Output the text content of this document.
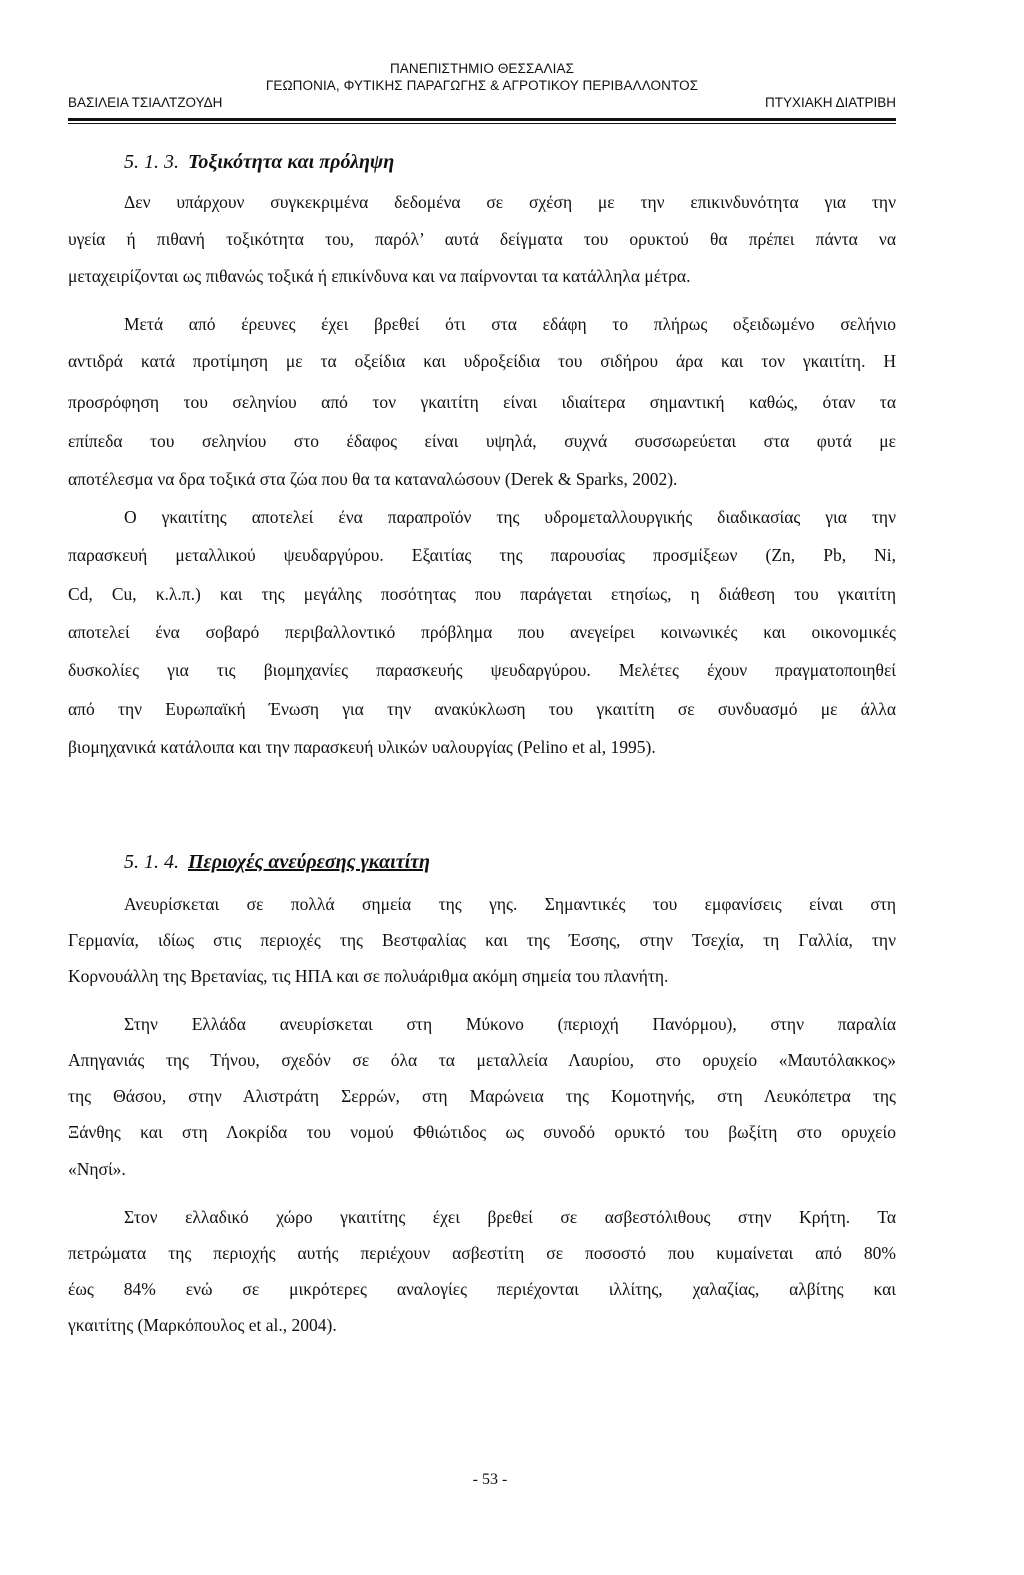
ΠΑΝΕΠΙΣΤΗΜΙΟ ΘΕΣΣΑΛΙΑΣ
ΓΕΩΠΟΝΙΑ, ΦΥΤΙΚΗΣ ΠΑΡΑΓΩΓΗΣ & ΑΓΡΟΤΙΚΟΥ ΠΕΡΙΒΑΛΛΟΝΤΟΣ
ΒΑΣΙΛΕΙΑ ΤΣΙΑΛΤΖΟΥΔΗ	ΠΤΥΧΙΑΚΗ ΔΙΑΤΡΙΒΗ
5. 1. 3. Τοξικότητα και πρόληψη
Δεν υπάρχουν συγκεκριμένα δεδομένα σε σχέση με την επικινδυνότητα για την
υγεία ή πιθανή τοξικότητα του, παρόλ’ αυτά δείγματα του ορυκτού θα πρέπει πάντα να
μεταχειρίζονται ως πιθανώς τοξικά ή επικίνδυνα και να παίρνονται τα κατάλληλα μέτρα.
Μετά από έρευνες έχει βρεθεί ότι στα εδάφη το πλήρως οξειδωμένο σελήνιο
αντιδρά κατά προτίμηση με τα οξείδια και υδροξείδια του σιδήρου άρα και τον γκαιτίτη. Η
προσρόφηση του σεληνίου από τον γκαιτίτη είναι ιδιαίτερα σημαντική καθώς, όταν τα
επίπεδα του σεληνίου στο έδαφος είναι υψηλά, συχνά συσσωρεύεται στα φυτά με
αποτέλεσμα να δρα τοξικά στα ζώα που θα τα καταναλώσουν (Derek & Sparks, 2002).
Ο γκαιτίτης αποτελεί ένα παραπροϊόν της υδρομεταλλουργικής διαδικασίας για την
παρασκευή μεταλλικού ψευδαργύρου. Εξαιτίας της παρουσίας προσμίξεων (Zn, Pb, Ni,
Cd, Cu, κ.λ.π.) και της μεγάλης ποσότητας που παράγεται ετησίως, η διάθεση του γκαιτίτη
αποτελεί ένα σοβαρό περιβαλλοντικό πρόβλημα που ανεγείρει κοινωνικές και οικονομικές
δυσκολίες για τις βιομηχανίες παρασκευής ψευδαργύρου. Μελέτες έχουν πραγματοποιηθεί
από την Ευρωπαϊκή Ένωση για την ανακύκλωση του γκαιτίτη σε συνδυασμό με άλλα
βιομηχανικά κατάλοιπα και την παρασκευή υλικών υαλουργίας (Pelino et al, 1995).
5. 1. 4. Περιοχές ανεύρεσης γκαιτίτη
Ανευρίσκεται σε πολλά σημεία της γης. Σημαντικές του εμφανίσεις είναι στη
Γερμανία, ιδίως στις περιοχές της Βεστφαλίας και της Έσσης, στην Τσεχία, τη Γαλλία, την
Κορνουάλλη της Βρετανίας, τις ΗΠΑ και σε πολυάριθμα ακόμη σημεία του πλανήτη.
Στην Ελλάδα ανευρίσκεται στη Μύκονο (περιοχή Πανόρμου), στην παραλία
Απηγανιάς της Τήνου, σχεδόν σε όλα τα μεταλλεία Λαυρίου, στο ορυχείο «Μαυτόλακκος»
της Θάσου, στην Αλιστράτη Σερρών, στη Μαρώνεια της Κομοτηνής, στη Λευκόπετρα της
Ξάνθης και στη Λοκρίδα του νομού Φθιώτιδος ως συνοδό ορυκτό του βωξίτη στο ορυχείο
«Νησί».
Στον ελλαδικό χώρο γκαιτίτης έχει βρεθεί σε ασβεστόλιθους στην Κρήτη. Τα
πετρώματα της περιοχής αυτής περιέχουν ασβεστίτη σε ποσοστό που κυμαίνεται από 80%
έως 84% ενώ σε μικρότερες αναλογίες περιέχονται ιλλίτης, χαλαζίας, αλβίτης και
γκαιτίτης (Μαρκόπουλος et al., 2004).
- 53 -
